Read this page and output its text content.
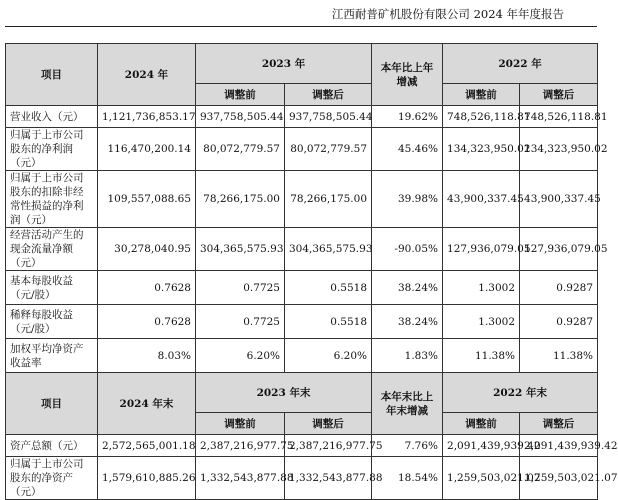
江西耐普矿机股份有限公司 2024 年年度报告
项目	2024 年	2023 年		本年比上年增减	2022 年	
		调整前	调整后		调整前	调整后
营业收入（元）	1,121,736,853.17	937,758,505.44	937,758,505.44	19.62%	748,526,118.81	748,526,118.81
归属于上市公司股东的净利润（元）	116,470,200.14	80,072,779.57	80,072,779.57	45.46%	134,323,950.02	134,323,950.02
归属于上市公司股东的扣除非经常性损益的净利润（元）	109,557,088.65	78,266,175.00	78,266,175.00	39.98%	43,900,337.45	43,900,337.45
经营活动产生的现金流量净额（元）	30,278,040.95	304,365,575.93	304,365,575.93	-90.05%	127,936,079.05	127,936,079.05
基本每股收益（元/股）	0.7628	0.7725	0.5518	38.24%	1.3002	0.9287
稀释每股收益（元/股）	0.7628	0.7725	0.5518	38.24%	1.3002	0.9287
加权平均净资产收益率	8.03%	6.20%	6.20%	1.83%	11.38%	11.38%
项目	2024 年末	2023 年末		本年末比上年末增减	2022 年末	
		调整前	调整后		调整前	调整后
资产总额（元）	2,572,565,001.18	2,387,216,977.75	2,387,216,977.75	7.76%	2,091,439,939.42	2,091,439,939.42
归属于上市公司股东的净资产（元）	1,579,610,885.26	1,332,543,877.88	1,332,543,877.88	18.54%	1,259,503,021.07	1,259,503,021.07
